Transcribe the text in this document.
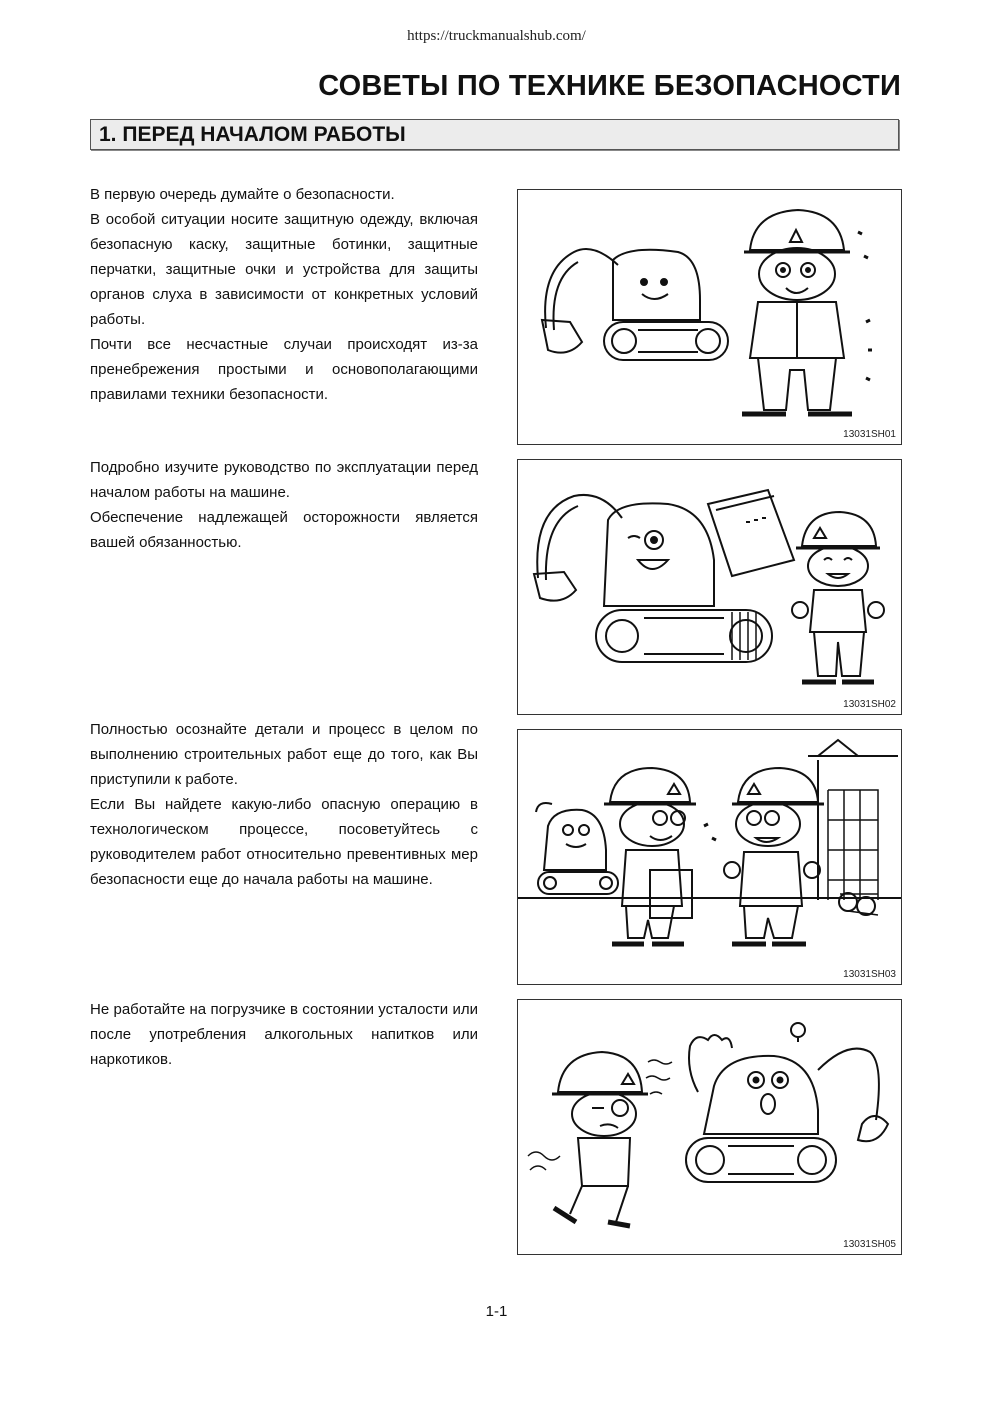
https://truckmanualshub.com/
СОВЕТЫ ПО ТЕХНИКЕ БЕЗОПАСНОСТИ
1. ПЕРЕД НАЧАЛОМ РАБОТЫ

В первую очередь думайте о безопасности.

В особой ситуации носите защитную одежду, включая безопасную каску, защитные ботинки, защитные перчатки, защитные очки и устройства для защиты органов слуха в зависимости от конкретных условий работы.

Почти все несчастные случаи происходят из-за пренебрежения простыми и основополагающими правилами техники безопасности.

13031SH01

Подробно изучите руководство по эксплуатации перед началом работы на машине.

Обеспечение надлежащей осторожности является вашей обязанностью.

13031SH02

Полностью осознайте детали и процесс в целом по выполнению строительных работ еще до того, как Вы приступили к работе.

Если Вы найдете какую-либо опасную операцию в технологическом процессе, посоветуйтесь с руководителем работ относительно превентивных мер безопасности еще до начала работы на машине.

13031SH03

Не работайте на погрузчике в состоянии усталости или после употребления алкогольных напитков или наркотиков.

13031SH05
1-1
